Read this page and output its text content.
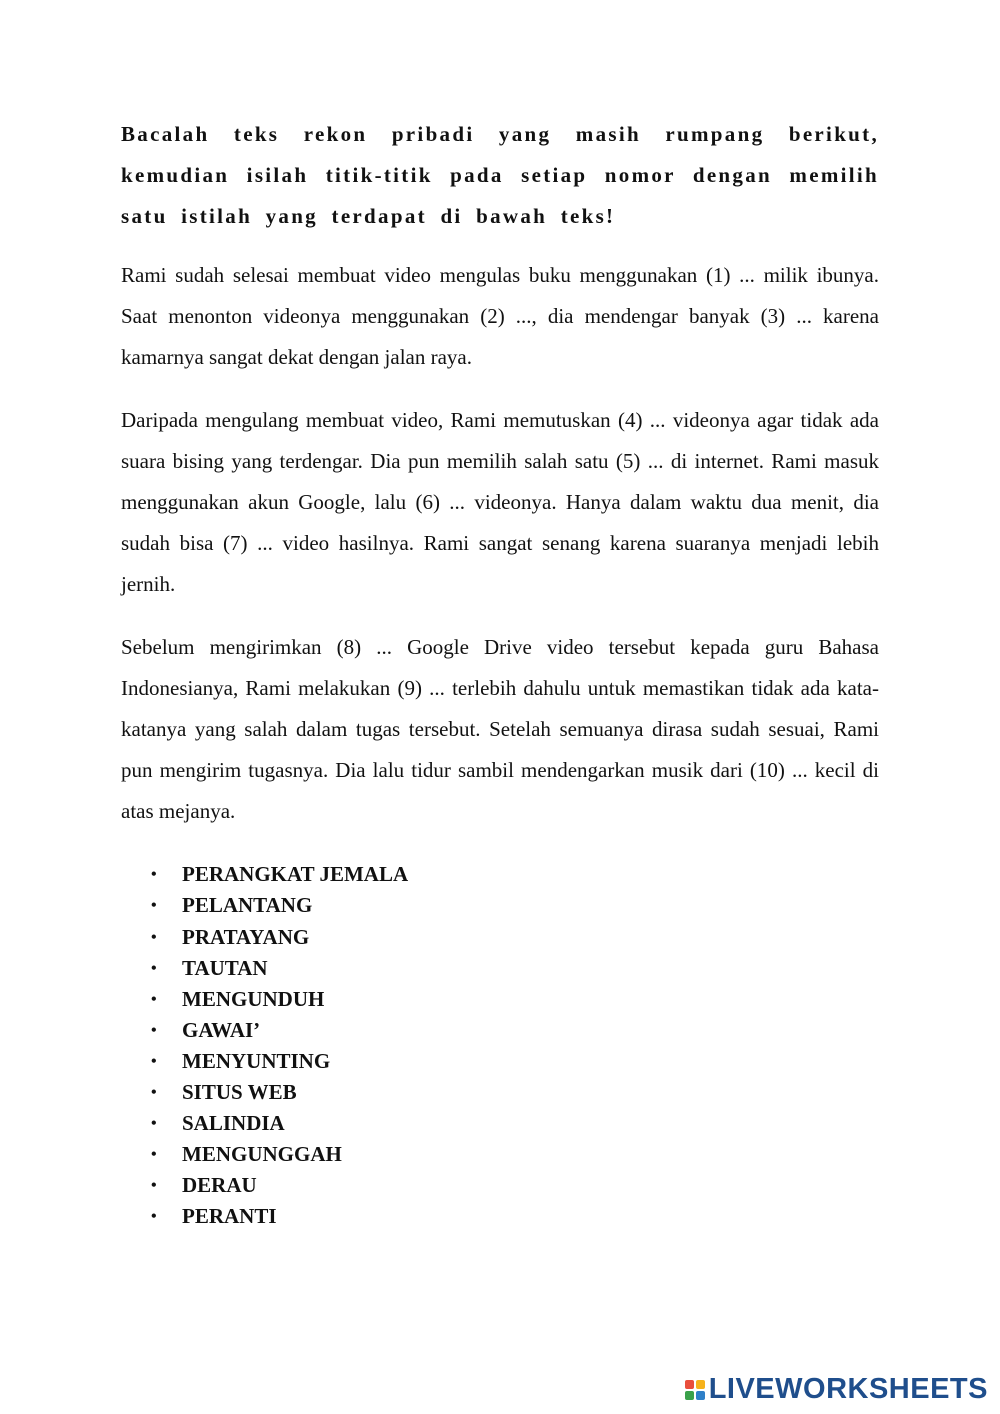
Bacalah teks rekon pribadi yang masih rumpang berikut, kemudian isilah titik-titik pada setiap nomor dengan memilih satu istilah yang terdapat di bawah teks!

Rami sudah selesai membuat video mengulas buku menggunakan (1) ... milik ibunya. Saat menonton videonya menggunakan (2) ..., dia mendengar banyak (3) ... karena kamarnya sangat dekat dengan jalan raya.

Daripada mengulang membuat video, Rami memutuskan (4) ... videonya agar tidak ada suara bising yang terdengar. Dia pun memilih salah satu (5) ... di internet. Rami masuk menggunakan akun Google, lalu (6) ... videonya. Hanya dalam waktu dua menit, dia sudah bisa (7) ... video hasilnya. Rami sangat senang karena suaranya menjadi lebih jernih.

Sebelum mengirimkan (8) ... Google Drive video tersebut kepada guru Bahasa Indonesianya, Rami melakukan (9) ... terlebih dahulu untuk memastikan tidak ada kata-katanya yang salah dalam tugas tersebut. Setelah semuanya dirasa sudah sesuai, Rami pun mengirim tugasnya. Dia lalu tidur sambil mendengarkan musik dari (10) ... kecil di atas mejanya.

• PERANGKAT JEMALA
• PELANTANG
• PRATAYANG
• TAUTAN
• MENGUNDUH
• GAWAI’
• MENYUNTING
• SITUS WEB
• SALINDIA
• MENGUNGGAH
• DERAU
• PERANTI
LIVEWORKSHEETS
